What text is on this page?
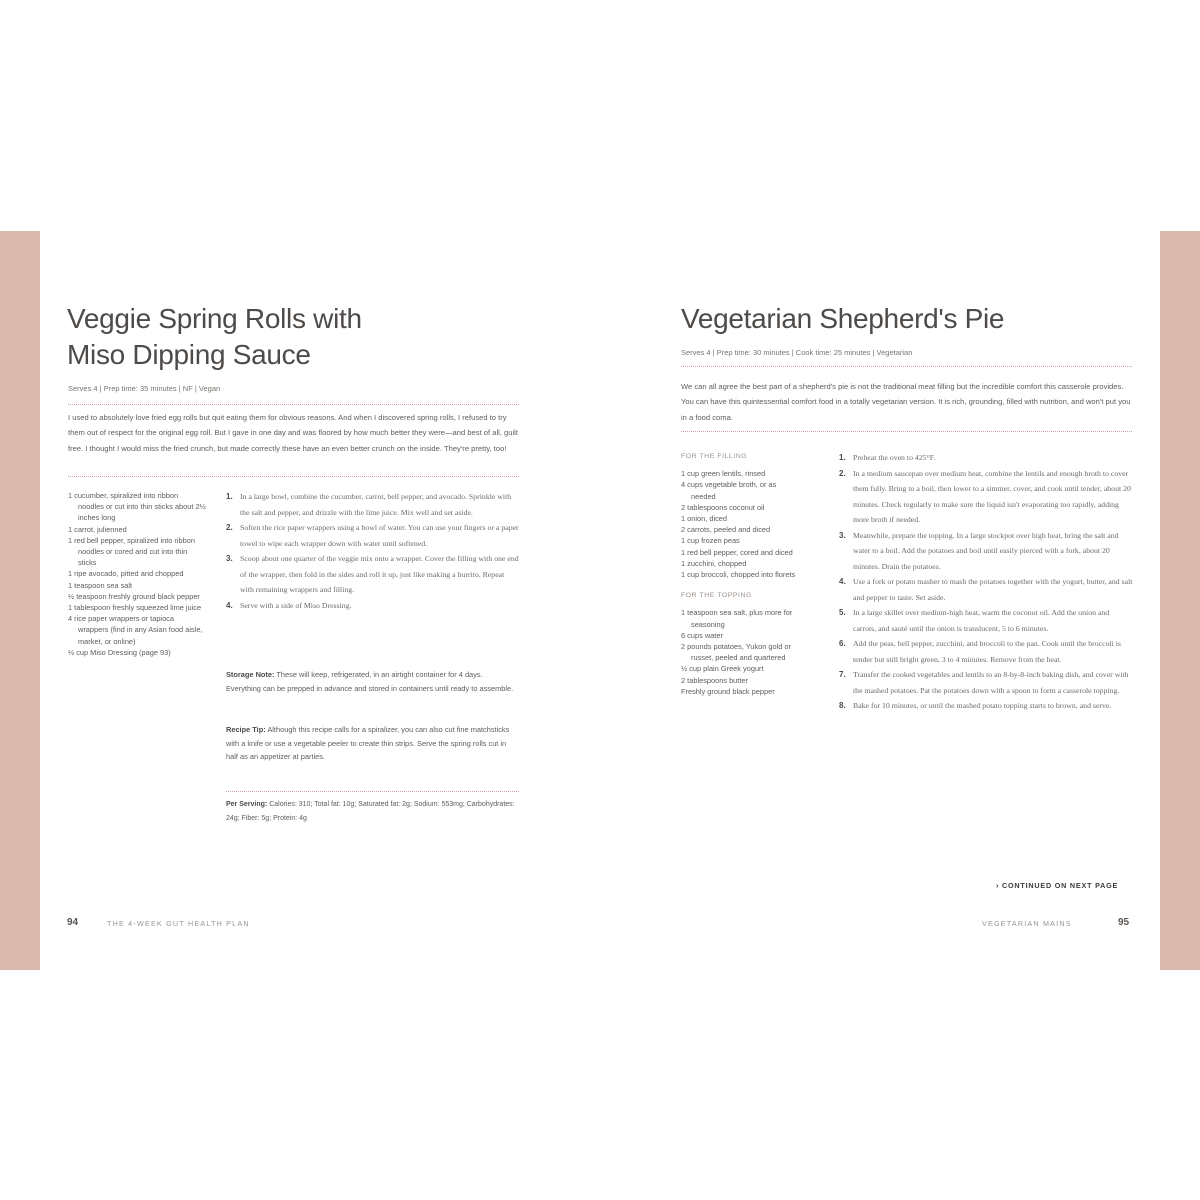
Veggie Spring Rolls with
Miso Dipping Sauce
Serves 4 | Prep time: 35 minutes | NF | Vegan
I used to absolutely love fried egg rolls but quit eating them for obvious reasons. And when I discovered spring rolls, I refused to try them out of respect for the original egg roll. But I gave in one day and was floored by how much better they were—and best of all, guilt free. I thought I would miss the fried crunch, but made correctly these have an even better crunch on the inside. They're pretty, too!
1 cucumber, spiralized into ribbon noodles or cut into thin sticks about 2½ inches long
1 carrot, julienned
1 red bell pepper, spiralized into ribbon noodles or cored and cut into thin sticks
1 ripe avocado, pitted and chopped
1 teaspoon sea salt
½ teaspoon freshly ground black pepper
1 tablespoon freshly squeezed lime juice
4 rice paper wrappers or tapioca wrappers (find in any Asian food aisle, market, or online)
½ cup Miso Dressing (page 93)
1. In a large bowl, combine the cucumber, carrot, bell pepper, and avocado. Sprinkle with the salt and pepper, and drizzle with the lime juice. Mix well and set aside.
2. Soften the rice paper wrappers using a bowl of water. You can use your fingers or a paper towel to wipe each wrapper down with water until softened.
3. Scoop about one quarter of the veggie mix onto a wrapper. Cover the filling with one end of the wrapper, then fold in the sides and roll it up, just like making a burrito. Repeat with remaining wrappers and filling.
4. Serve with a side of Miso Dressing.
Storage Note: These will keep, refrigerated, in an airtight container for 4 days. Everything can be prepped in advance and stored in containers until ready to assemble.
Recipe Tip: Although this recipe calls for a spiralizer, you can also cut fine matchsticks with a knife or use a vegetable peeler to create thin strips. Serve the spring rolls cut in half as an appetizer at parties.
Per Serving: Calories: 310; Total fat: 10g; Saturated fat: 2g; Sodium: 553mg; Carbohydrates: 24g; Fiber: 5g; Protein: 4g
94	THE 4-WEEK GUT HEALTH PLAN
Vegetarian Shepherd's Pie
Serves 4 | Prep time: 30 minutes | Cook time: 25 minutes | Vegetarian
We can all agree the best part of a shepherd's pie is not the traditional meat filling but the incredible comfort this casserole provides. You can have this quintessential comfort food in a totally vegetarian version. It is rich, grounding, filled with nutrition, and won't put you in a food coma.
FOR THE FILLING
1 cup green lentils, rinsed
4 cups vegetable broth, or as needed
2 tablespoons coconut oil
1 onion, diced
2 carrots, peeled and diced
1 cup frozen peas
1 red bell pepper, cored and diced
1 zucchini, chopped
1 cup broccoli, chopped into florets
FOR THE TOPPING
1 teaspoon sea salt, plus more for seasoning
6 cups water
2 pounds potatoes, Yukon gold or russet, peeled and quartered
½ cup plain Greek yogurt
2 tablespoons butter
Freshly ground black pepper
1. Preheat the oven to 425°F.
2. In a medium saucepan over medium heat, combine the lentils and enough broth to cover them fully. Bring to a boil, then lower to a simmer, cover, and cook until tender, about 20 minutes. Check regularly to make sure the liquid isn't evaporating too rapidly, adding more broth if needed.
3. Meanwhile, prepare the topping. In a large stockpot over high heat, bring the salt and water to a boil. Add the potatoes and boil until easily pierced with a fork, about 20 minutes. Drain the potatoes.
4. Use a fork or potato masher to mash the potatoes together with the yogurt, butter, and salt and pepper to taste. Set aside.
5. In a large skillet over medium-high heat, warm the coconut oil. Add the onion and carrots, and sauté until the onion is translucent, 5 to 6 minutes.
6. Add the peas, bell pepper, zucchini, and broccoli to the pan. Cook until the broccoli is tender but still bright green, 3 to 4 minutes. Remove from the heat.
7. Transfer the cooked vegetables and lentils to an 8-by-8-inch baking dish, and cover with the mashed potatoes. Pat the potatoes down with a spoon to form a casserole topping.
8. Bake for 10 minutes, or until the mashed potato topping starts to brown, and serve.
› CONTINUED ON NEXT PAGE
VEGETARIAN MAINS	95
